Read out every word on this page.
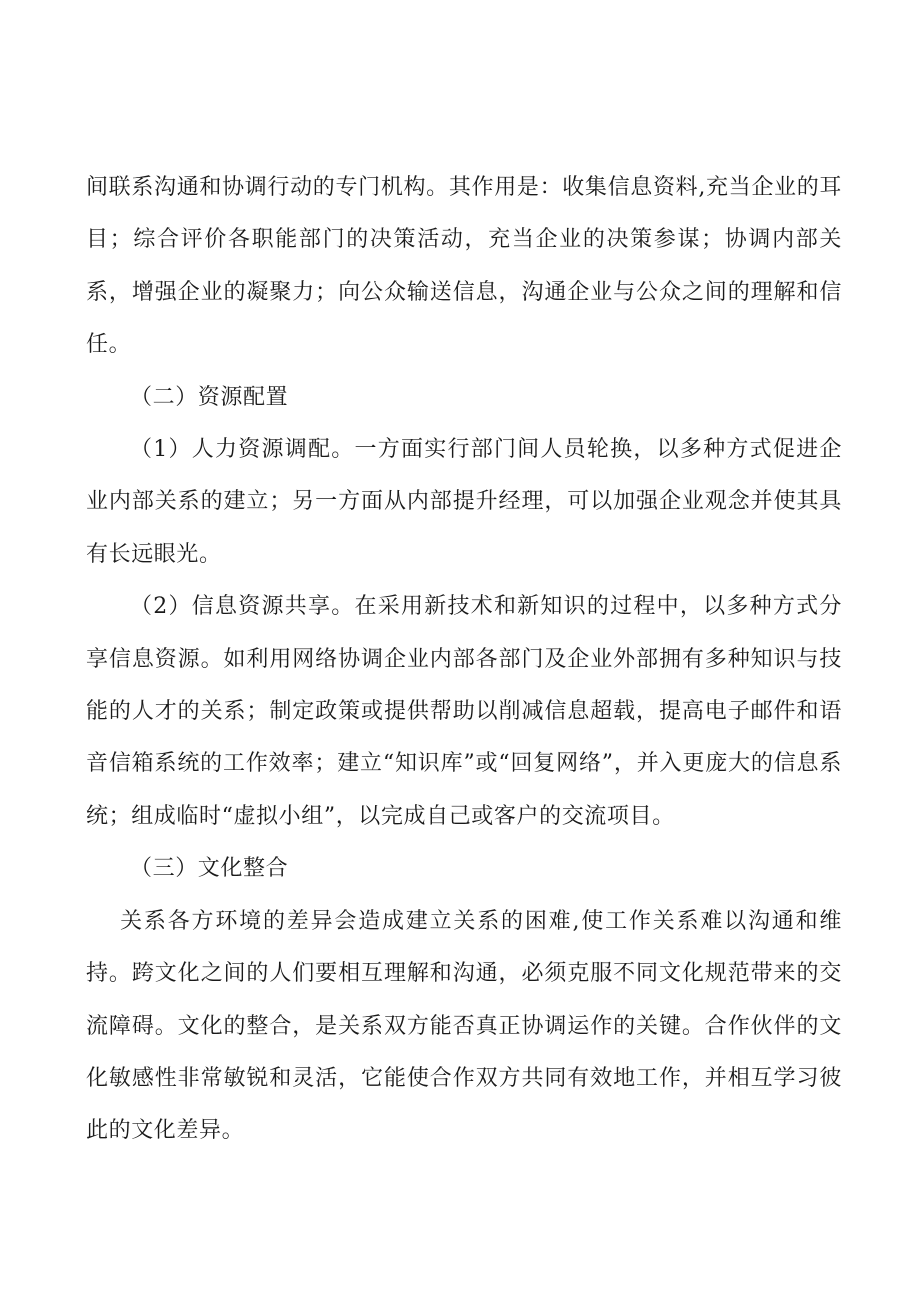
间联系沟通和协调行动的专门机构。其作用是：收集信息资料,充当企业的耳目；综合评价各职能部门的决策活动，充当企业的决策参谋；协调内部关系，增强企业的凝聚力；向公众输送信息，沟通企业与公众之间的理解和信任。

（二）资源配置

（1）人力资源调配。一方面实行部门间人员轮换，以多种方式促进企业内部关系的建立；另一方面从内部提升经理，可以加强企业观念并使其具有长远眼光。

（2）信息资源共享。在采用新技术和新知识的过程中，以多种方式分享信息资源。如利用网络协调企业内部各部门及企业外部拥有多种知识与技能的人才的关系；制定政策或提供帮助以削减信息超载，提高电子邮件和语音信箱系统的工作效率；建立“知识库”或“回复网络”，并入更庞大的信息系统；组成临时“虚拟小组”，以完成自己或客户的交流项目。

（三）文化整合

关系各方环境的差异会造成建立关系的困难,使工作关系难以沟通和维持。跨文化之间的人们要相互理解和沟通，必须克服不同文化规范带来的交流障碍。文化的整合，是关系双方能否真正协调运作的关键。合作伙伴的文化敏感性非常敏锐和灵活，它能使合作双方共同有效地工作，并相互学习彼此的文化差异。
